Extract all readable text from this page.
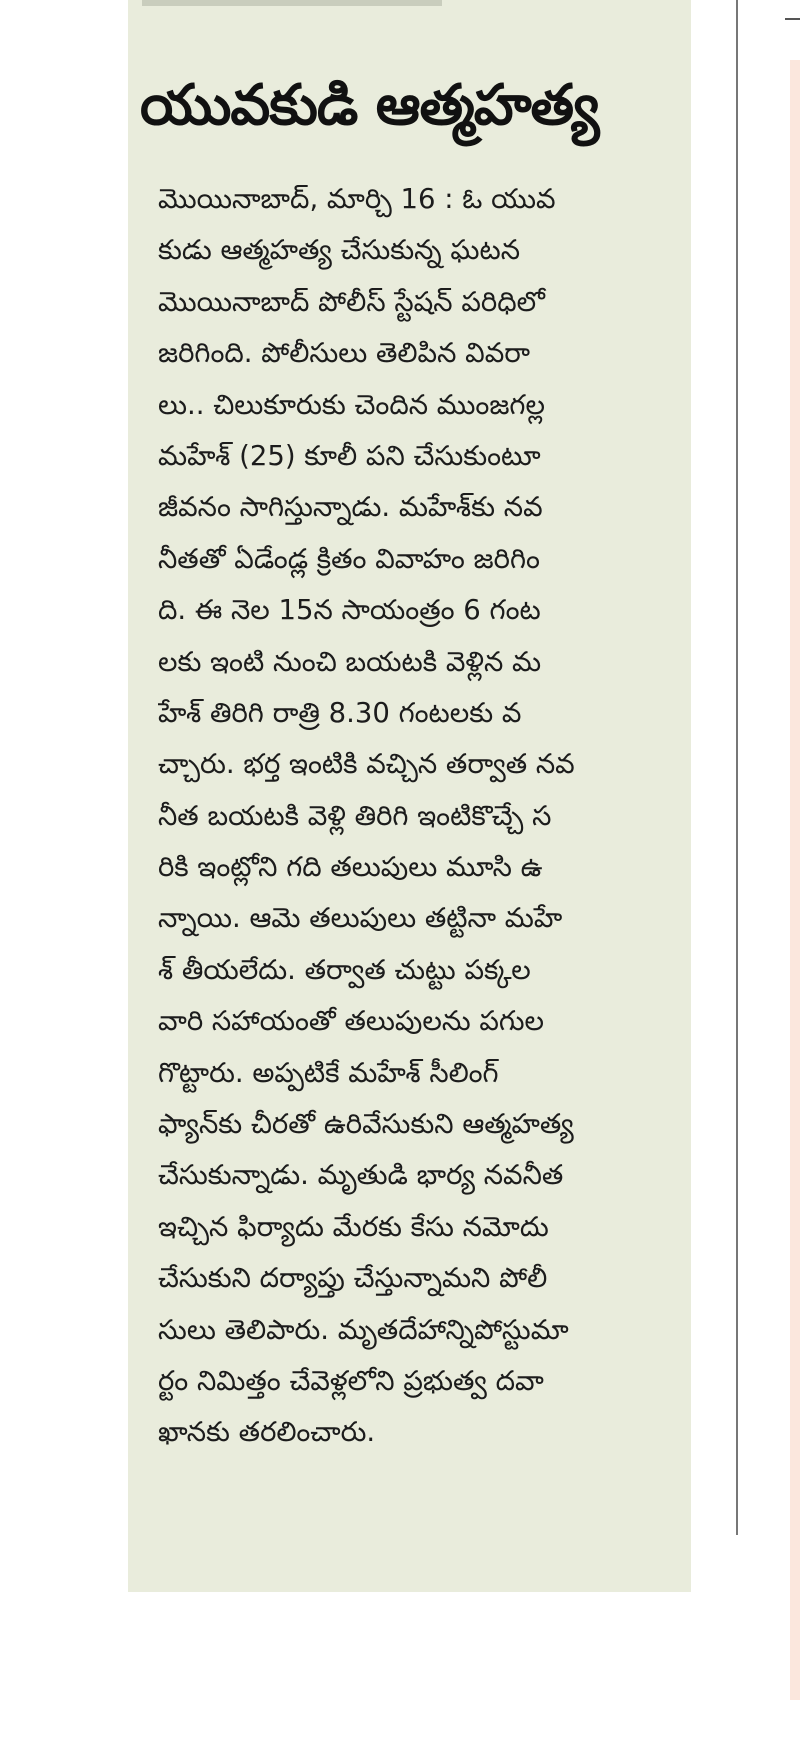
యువకుడి ఆత్మహత్య
మొయినాబాద్, మార్చి 16 : ఓ యువ
కుడు ఆత్మహత్య చేసుకున్న ఘటన
మొయినాబాద్ పోలీస్ స్టేషన్ పరిధిలో
జరిగింది. పోలీసులు తెలిపిన వివరా
లు.. చిలుకూరుకు చెందిన ముంజగల్ల
మహేశ్ (25) కూలీ పని చేసుకుంటూ
జీవనం సాగిస్తున్నాడు. మహేశ్‌కు నవ
నీతతో ఏడేండ్ల క్రితం వివాహం జరిగిం
ది. ఈ నెల 15న సాయంత్రం 6 గంట
లకు ఇంటి నుంచి బయటకి వెళ్లిన మ
హేశ్ తిరిగి రాత్రి 8.30 గంటలకు వ
చ్చారు. భర్త ఇంటికి వచ్చిన తర్వాత నవ
నీత బయటకి వెళ్లి తిరిగి ఇంటికొచ్చే స
రికి ఇంట్లోని గది తలుపులు మూసి ఉ
న్నాయి. ఆమె తలుపులు తట్టినా మహే
శ్ తీయలేదు. తర్వాత చుట్టు పక్కల
వారి సహాయంతో తలుపులను పగుల
గొట్టారు. అప్పటికే మహేశ్ సీలింగ్
ఫ్యాన్‌కు చీరతో ఉరివేసుకుని ఆత్మహత్య
చేసుకున్నాడు. మృతుడి భార్య నవనీత
ఇచ్చిన ఫిర్యాదు మేరకు కేసు నమోదు
చేసుకుని దర్యాప్తు చేస్తున్నామని పోలీ
సులు తెలిపారు. మృతదేహాన్నిపోస్టుమా
ర్టం నిమిత్తం చేవెళ్లలోని ప్రభుత్వ దవా
ఖానకు తరలించారు.
